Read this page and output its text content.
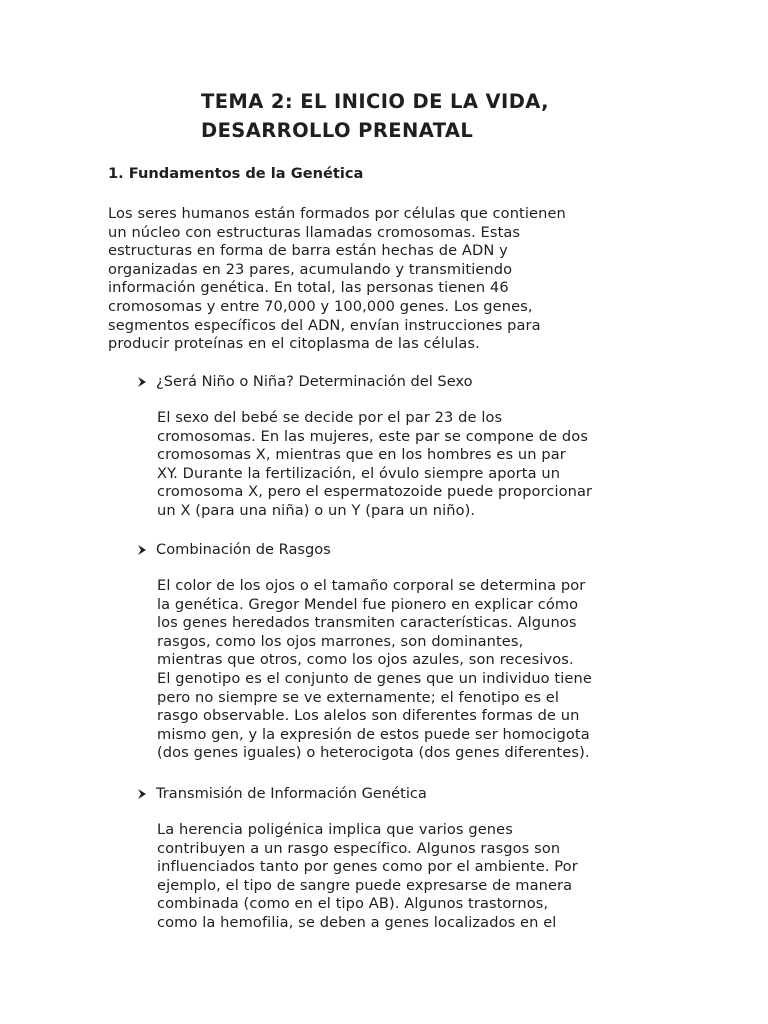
TEMA 2: EL INICIO DE LA VIDA,
DESARROLLO PRENATAL
1. Fundamentos de la Genética

Los seres humanos están formados por células que contienen
un núcleo con estructuras llamadas cromosomas. Estas
estructuras en forma de barra están hechas de ADN y
organizadas en 23 pares, acumulando y transmitiendo
información genética. En total, las personas tienen 46
cromosomas y entre 70,000 y 100,000 genes. Los genes,
segmentos específicos del ADN, envían instrucciones para
producir proteínas en el citoplasma de las células.

¿Será Niño o Niña? Determinación del Sexo

El sexo del bebé se decide por el par 23 de los
cromosomas. En las mujeres, este par se compone de dos
cromosomas X, mientras que en los hombres es un par
XY. Durante la fertilización, el óvulo siempre aporta un
cromosoma X, pero el espermatozoide puede proporcionar
un X (para una niña) o un Y (para un niño).

Combinación de Rasgos

El color de los ojos o el tamaño corporal se determina por
la genética. Gregor Mendel fue pionero en explicar cómo
los genes heredados transmiten características. Algunos
rasgos, como los ojos marrones, son dominantes,
mientras que otros, como los ojos azules, son recesivos.
El genotipo es el conjunto de genes que un individuo tiene
pero no siempre se ve externamente; el fenotipo es el
rasgo observable. Los alelos son diferentes formas de un
mismo gen, y la expresión de estos puede ser homocigota
(dos genes iguales) o heterocigota (dos genes diferentes).

Transmisión de Información Genética

La herencia poligénica implica que varios genes
contribuyen a un rasgo específico. Algunos rasgos son
influenciados tanto por genes como por el ambiente. Por
ejemplo, el tipo de sangre puede expresarse de manera
combinada (como en el tipo AB). Algunos trastornos,
como la hemofilia, se deben a genes localizados en el
